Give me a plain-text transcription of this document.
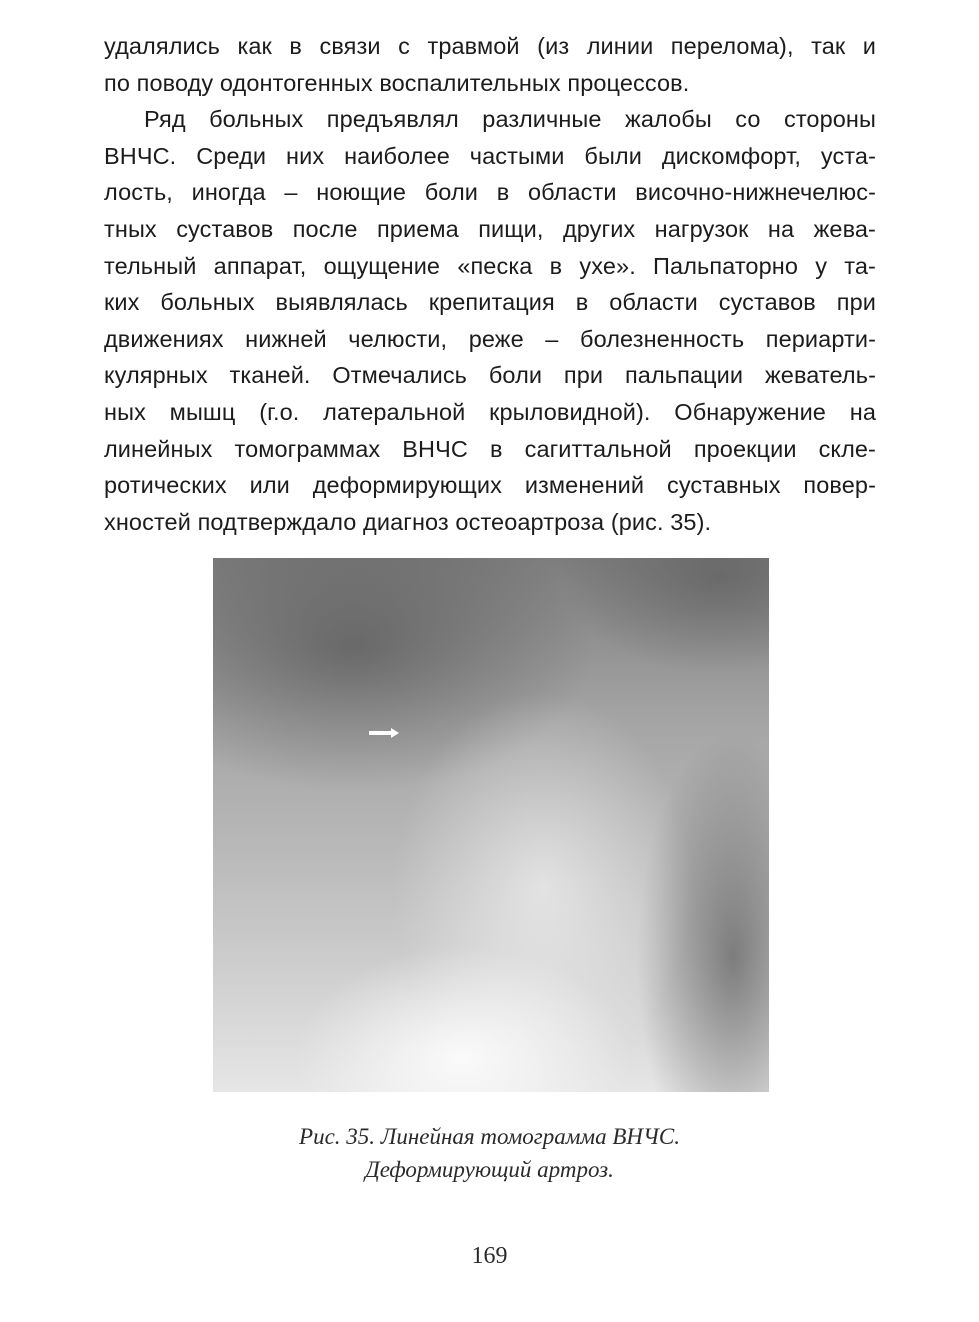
удалялись как в связи с травмой (из линии перелома), так и
по поводу одонтогенных воспалительных процессов.
Ряд больных предъявлял различные жалобы со стороны
ВНЧС. Среди них наиболее частыми были дискомфорт, уста-
лость, иногда – ноющие боли в области височно-нижнечелюс-
тных суставов после приема пищи, других нагрузок на жева-
тельный аппарат, ощущение «песка в ухе». Пальпаторно у та-
ких больных выявлялась крепитация в области суставов при
движениях нижней челюсти, реже – болезненность периарти-
кулярных тканей. Отмечались боли при пальпации жеватель-
ных мышц (г.о. латеральной крыловидной). Обнаружение на
линейных томограммах ВНЧС в сагиттальной проекции скле-
ротических или деформирующих изменений суставных повер-
хностей подтверждало диагноз остеоартроза (рис. 35).
Рис. 35. Линейная томограмма ВНЧС.
Деформирующий артроз.
169
